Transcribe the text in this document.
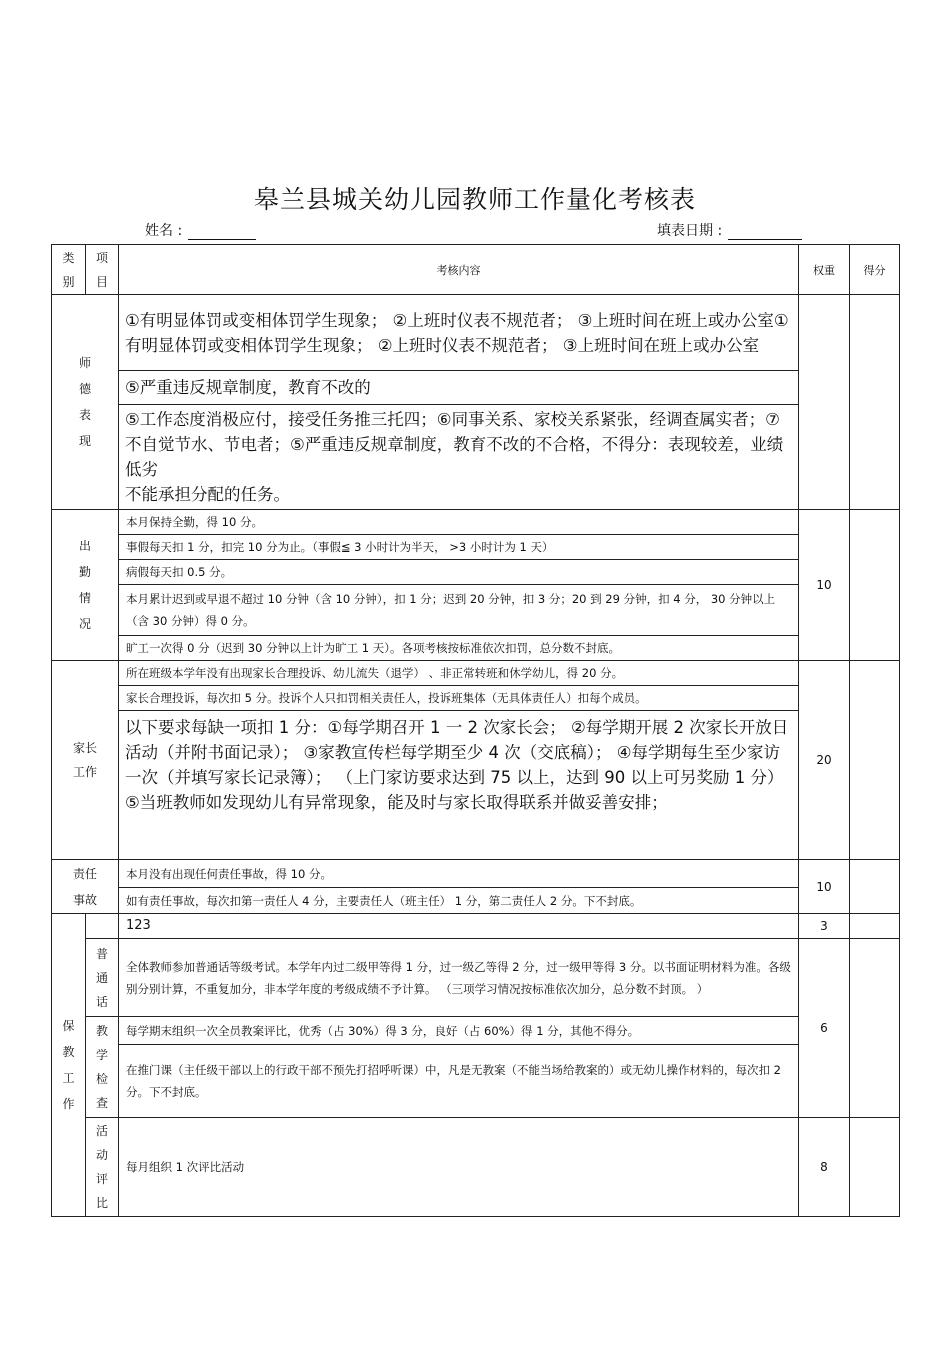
皋兰县城关幼儿园教师工作量化考核表
姓名 :	填表日期 :
类别	项目	考核内容	权重	得分
师德表现		①有明显体罚或变相体罚学生现象； ②上班时仪表不规范者； ③上班时间在班上或办公室①有明显体罚或变相体罚学生现象； ②上班时仪表不规范者； ③上班时间在班上或办公室		
		⑤严重违反规章制度，教育不改的		

		⑤工作态度消极应付，接受任务推三托四；⑥同事关系、家校关系紧张，经调查属实者；⑦不自觉节水、节电者；⑤严重违反规章制度，教育不改的不合格，不得分：表现较差，业绩低劣
不能承担分配的任务。		

出勤情况		本月保持全勤，得 10 分。	10	
		事假每天扣 1 分，扣完 10 分为止。（事假≦ 3 小时计为半天， >3 小时计为 1 天）		
		病假每天扣 0.5 分。		
		本月累计迟到或早退不超过 10 分钟（含 10 分钟），扣 1 分；迟到 20 分钟，扣 3 分；20 到 29 分钟，扣 4 分， 30 分钟以上（含 30 分钟）得 0 分。		
		旷工一次得 0 分（迟到 30 分钟以上计为旷工 1 天）。各项考核按标准依次扣罚，总分数不封底。		
家长工作		所在班级本学年没有出现家长合理投诉、幼儿流失（退学） 、非正常转班和休学幼儿，得 20 分。	20	
		家长合理投诉，每次扣 5 分。投诉个人只扣罚相关责任人，投诉班集体（无具体责任人）扣每个成员。		
		以下要求每缺一项扣 1 分：①每学期召开 1 一 2 次家长会； ②每学期开展 2 次家长开放日活动（并附书面记录）； ③家教宣传栏每学期至少 4 次（交底稿）； ④每学期每生至少家访一次（并填写家长记录簿）； （上门家访要求达到 75 以上，达到 90 以上可另奖励 1 分） ⑤当班教师如发现幼儿有异常现象，能及时与家长取得联系并做妥善安排；		
责任事故		本月没有出现任何责任事故，得 10 分。	10	
		如有责任事故，每次扣第一责任人 4 分，主要责任人（班主任） 1 分，第二责任人 2 分。下不封底。		
保教工作		123	3	
	普通话	全体教师参加普通话等级考试。本学年内过二级甲等得 1 分，过一级乙等得 2 分，过一级甲等得 3 分。以书面证明材料为准。各级别分别计算，不重复加分，非本学年度的考级成绩不予计算。 （三项学习情况按标准依次加分，总分数不封顶。 ）	6	
	教学检查	每学期末组织一次全员教案评比，优秀（占 30%）得 3 分，良好（占 60%）得 1 分，其他不得分。		
		在推门课（主任级干部以上的行政干部不预先打招呼听课）中，凡是无教案（不能当场给教案的）或无幼儿操作材料的，每次扣 2 分。下不封底。		
	活动评比	每月组织 1 次评比活动	8	
